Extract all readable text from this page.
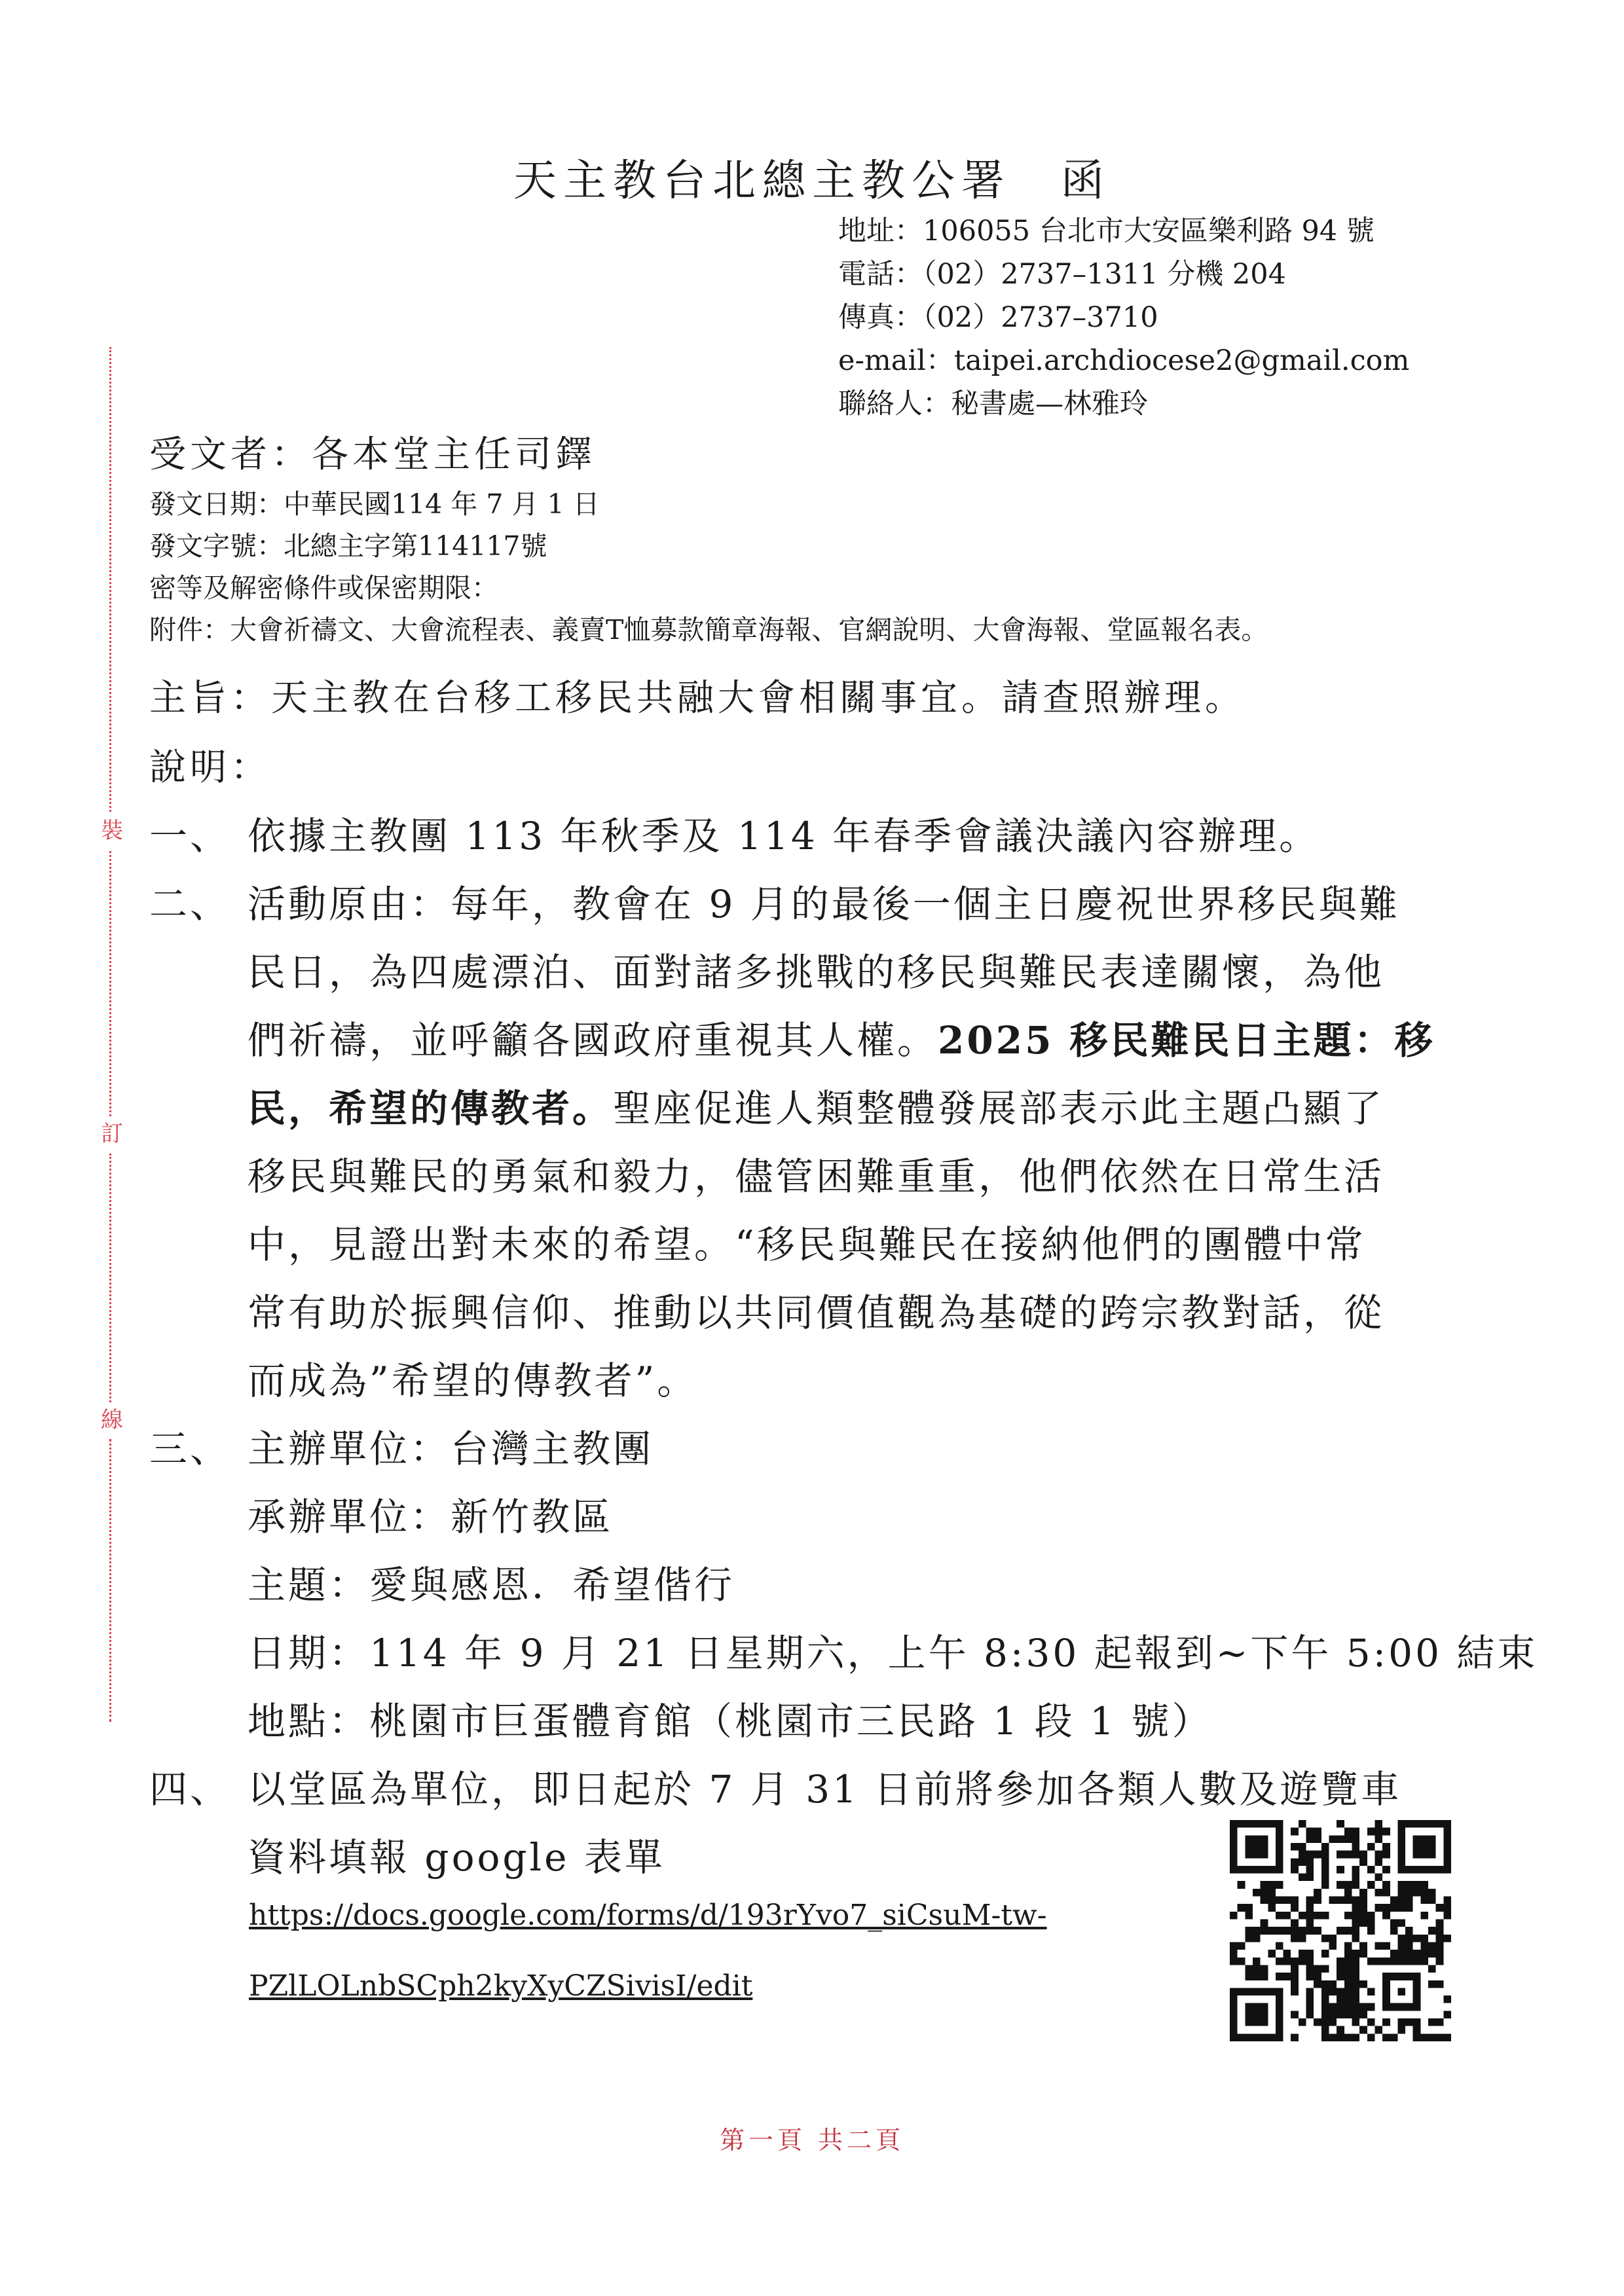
天主教台北總主教公署　函
地址：106055 台北市大安區樂利路 94 號
電話：（02）2737–1311 分機 204
傳真：（02）2737–3710
e-mail：taipei.archdiocese2@gmail.com
聯絡人：秘書處—林雅玲
裝
訂
線
受文者：各本堂主任司鐸
發文日期：中華民國114 年 7 月 1 日
發文字號：北總主字第114117號
密等及解密條件或保密期限：
附件：大會祈禱文、大會流程表、義賣T恤募款簡章海報、官網說明、大會海報、堂區報名表。
主旨：天主教在台移工移民共融大會相關事宜。請查照辦理。
說明：
一、 依據主教團 113 年秋季及 114 年春季會議決議內容辦理。
二、 活動原由：每年，教會在 9 月的最後一個主日慶祝世界移民與難
民日，為四處漂泊、面對諸多挑戰的移民與難民表達關懷，為他
們祈禱，並呼籲各國政府重視其人權。2025 移民難民日主題：移
民，希望的傳教者。聖座促進人類整體發展部表示此主題凸顯了
移民與難民的勇氣和毅力，儘管困難重重，他們依然在日常生活
中，見證出對未來的希望。“移民與難民在接納他們的團體中常
常有助於振興信仰、推動以共同價值觀為基礎的跨宗教對話，從
而成為”希望的傳教者”。
三、 主辦單位：台灣主教團
承辦單位：新竹教區
主題：愛與感恩．希望偕行
日期：114 年 9 月 21 日星期六，上午 8:30 起報到~下午 5:00 結束
地點：桃園市巨蛋體育館（桃園市三民路 1 段 1 號）
四、 以堂區為單位，即日起於 7 月 31 日前將參加各類人數及遊覽車
資料填報 google 表單
https://docs.google.com/forms/d/193rYvo7_siCsuM-tw-
PZlLOLnbSCph2kyXyCZSivisI/edit
第一頁 共二頁
